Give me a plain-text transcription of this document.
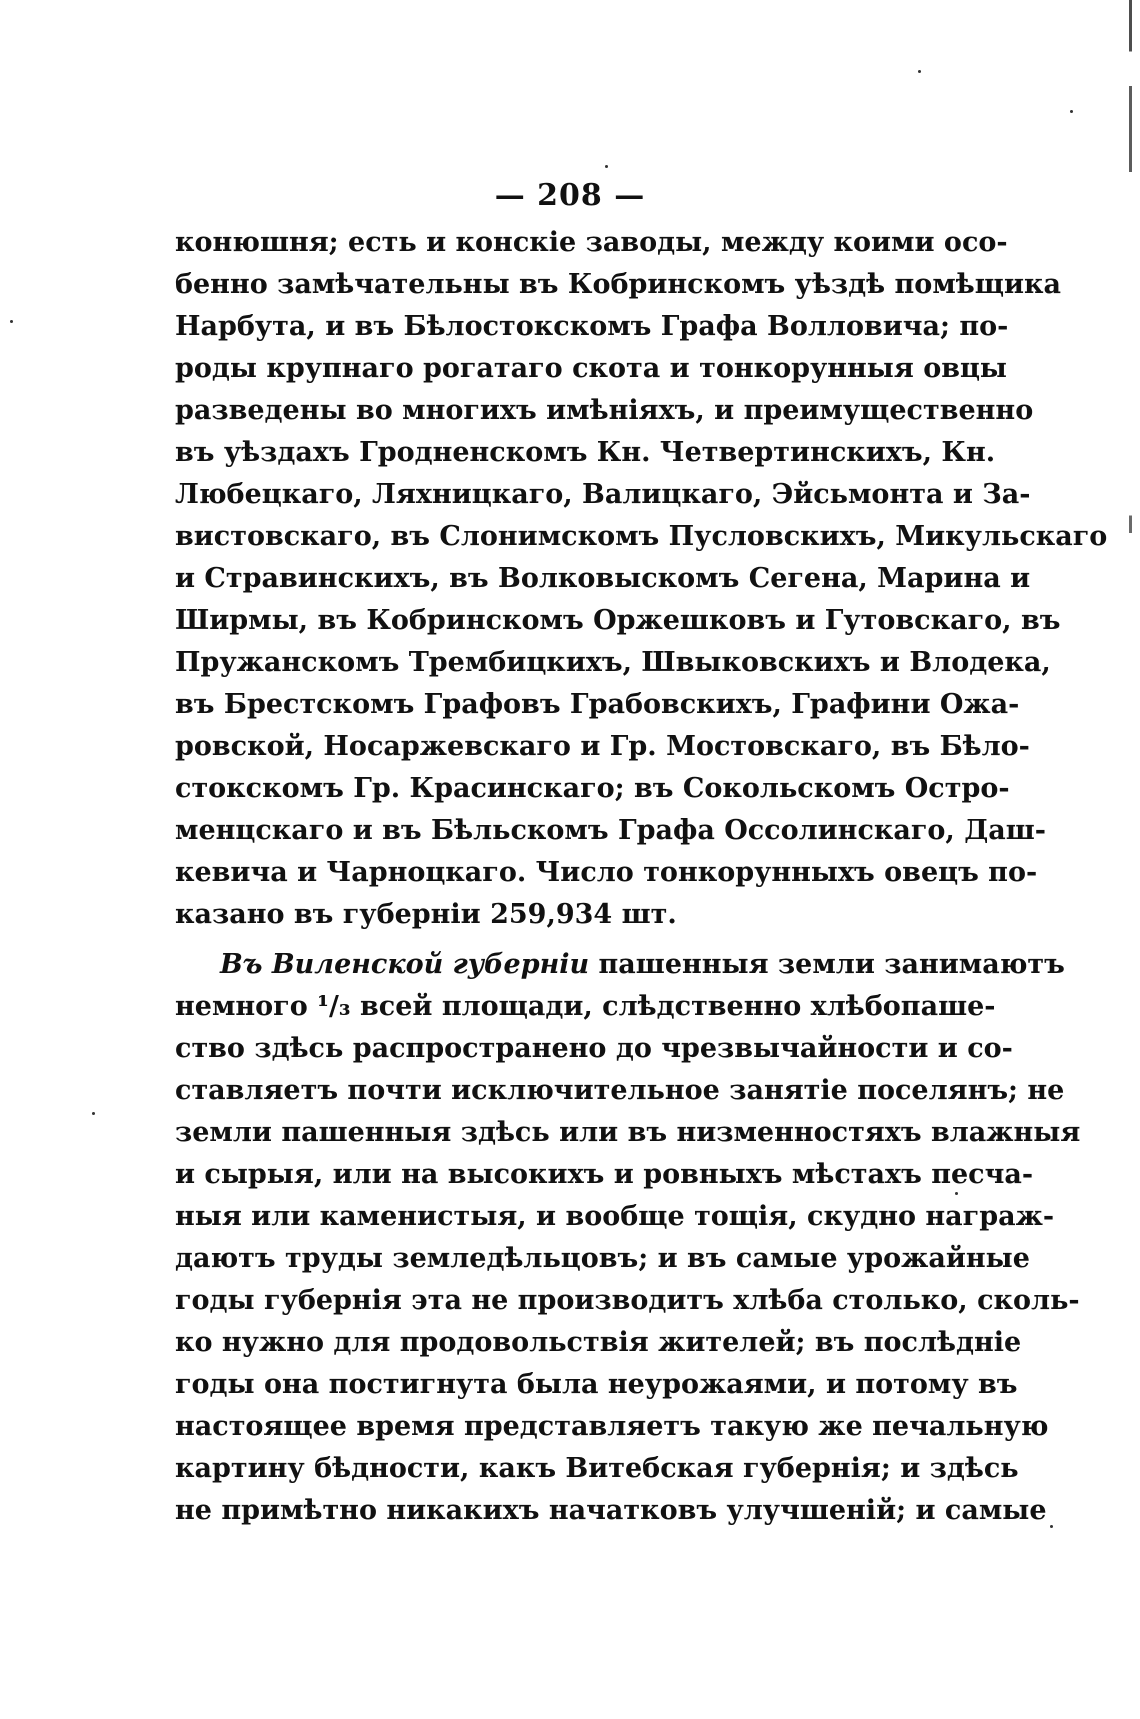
— 208 —
конюшня; есть и конскіе заводы, между коими осо-
бенно замѣчательны въ Кобринскомъ уѣздѣ помѣщика
Нарбута, и въ Бѣлостокскомъ Графа Волловича; по-
роды крупнаго рогатаго скота и тонкорунныя овцы
разведены во многихъ имѣніяхъ, и преимущественно
въ уѣздахъ Гродненскомъ Кн. Четвертинскихъ, Кн.
Любецкаго, Ляхницкаго, Валицкаго, Эйсьмонта и За-
вистовскаго, въ Слонимскомъ Пусловскихъ, Микульскаго
и Стравинскихъ, въ Волковыскомъ Сегена, Марина и
Ширмы, въ Кобринскомъ Оржешковъ и Гутовскаго, въ
Пружанскомъ Трембицкихъ, Швыковскихъ и Влодека,
въ Брестскомъ Графовъ Грабовскихъ, Графини Ожа-
ровской, Носаржевскаго и Гр. Мостовскаго, въ Бѣло-
стокскомъ Гр. Красинскаго; въ Сокольскомъ Остро-
менцскаго и въ Бѣльскомъ Графа Оссолинскаго, Даш-
кевича и Чарноцкаго. Число тонкорунныхъ овецъ по-
казано въ губерніи 259,934 шт.
Въ Виленской губерніи пашенныя земли занимаютъ
немного ¹/₃ всей площади, слѣдственно хлѣбопаше-
ство здѣсь распространено до чрезвычайности и со-
ставляетъ почти исключительное занятіе поселянъ; не
земли пашенныя здѣсь или въ низменностяхъ влажныя
и сырыя, или на высокихъ и ровныхъ мѣстахъ песча-
ныя или каменистыя, и вообще тощія, скудно награж-
даютъ труды земледѣльцовъ; и въ самые урожайные
годы губернія эта не производитъ хлѣба столько, сколь-
ко нужно для продовольствія жителей; въ послѣдніе
годы она постигнута была неурожаями, и потому въ
настоящее время представляетъ такую же печальную
картину бѣдности, какъ Витебская губернія; и здѣсь
не примѣтно никакихъ начатковъ улучшеній; и самые
